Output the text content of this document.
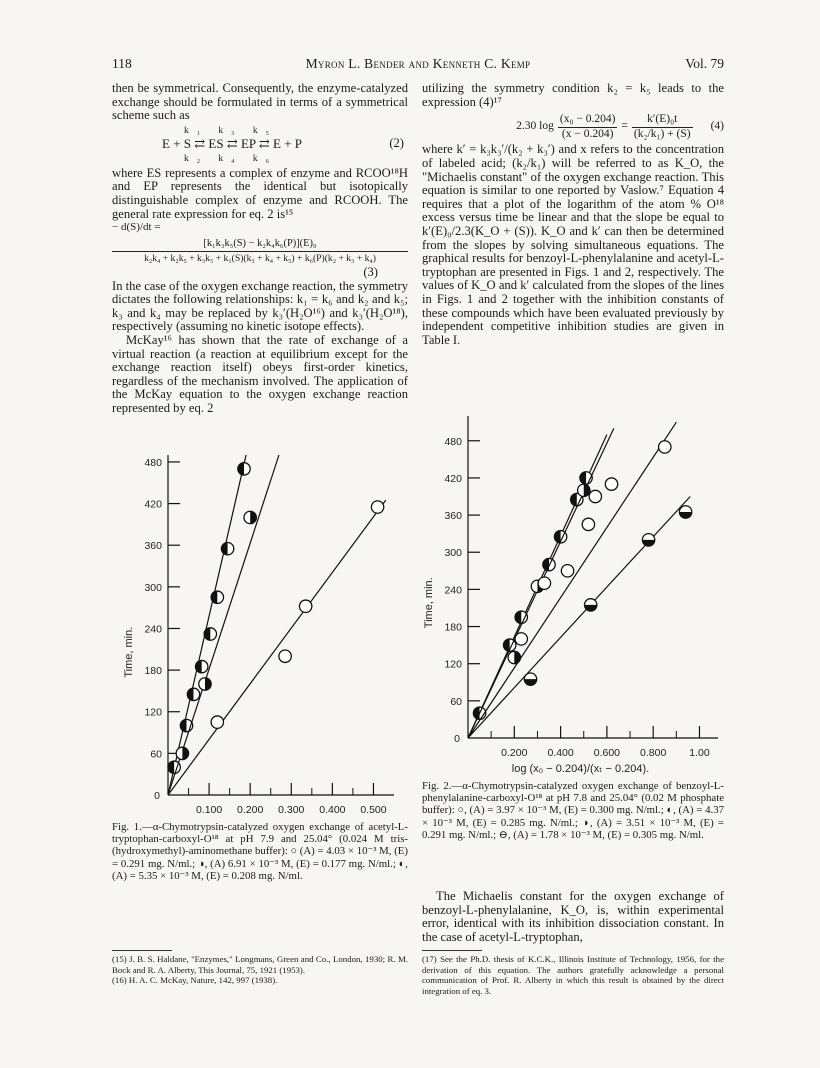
118	Myron L. Bender and Kenneth C. Kemp	Vol. 79

then be symmetrical. Consequently, the enzyme-catalyzed exchange should be formulated in terms of a symmetrical scheme such as

k₁ k₃ k₅
E + S ⇄ ES ⇄ EP ⇄ E + P
k₂ k₄ k₆
(2)

where ES represents a complex of enzyme and RCOO¹⁸H and EP represents the identical but isotopically distinguishable complex of enzyme and RCOOH. The general rate expression for eq. 2 is¹⁵

− d(S)/dt =
[k₁k₃k₅(S) − k₂k₄k₆(P)](E)₀
k₂k₄ + k₂k₅ + k₃k₅ + k₁(S)(k₃ + k₄ + k₅) + k₆(P)(k₂ + k₃ + k₄)
(3)

In the case of the oxygen exchange reaction, the symmetry dictates the following relationships: k₁ = k₆ and k₂ and k₅; k₃ and k₄ may be replaced by k₃′(H₂O¹⁶) and k₃′(H₂O¹⁸), respectively (assuming no kinetic isotope effects).

McKay¹⁶ has shown that the rate of exchange of a virtual reaction (a reaction at equilibrium except for the exchange reaction itself) obeys first-order kinetics, regardless of the mechanism involved. The application of the McKay equation to the oxygen exchange reaction represented by eq. 2

60
120
180
240
300
360
420
480
0.100 0.200 0.300 0.400 0.500
0
Time, min.
Fig. 1.—α-Chymotrypsin-catalyzed oxygen exchange of acetyl-L-tryptophan-carboxyl-O¹⁸ at pH 7.9 and 25.04° (0.024 M tris-(hydroxymethyl)-aminomethane buffer): ○ (A) = 4.03 × 10⁻³ M, (E) = 0.291 mg. N/ml.; ◑, (A) 6.91 × 10⁻³ M, (E) = 0.177 mg. N/ml.; ◐, (A) = 5.35 × 10⁻³ M, (E) = 0.208 mg. N/ml.

(15) J. B. S. Haldane, "Enzymes," Longmans, Green and Co., London, 1930; R. M. Bock and R. A. Alberty, This Journal, 75, 1921 (1953).

(16) H. A. C. McKay, Nature, 142, 997 (1938).

utilizing the symmetry condition k₂ = k₅ leads to the expression (4)¹⁷

2.30 $\log \frac{\text{(x₀ − 0.204)}}{(x - 0.204)} = \frac{\text{k′(E)₀t}}{\text{(k₂/k₁) + (S)}} (4)$

where k′ = k₃k₃′/(k₂ + k₃′) and x refers to the concentration of labeled acid; (k₂/k₁) will be referred to as K_O, the "Michaelis constant" of the oxygen exchange reaction. This equation is similar to one reported by Vaslow.⁷ Equation 4 requires that a plot of the logarithm of the atom % O¹⁸ excess versus time be linear and that the slope be equal to k′(E)₀/2.3(K_O + (S)). K_O and k′ can then be determined from the slopes by solving simultaneous equations. The graphical results for benzoyl-L-phenylalanine and acetyl-L-tryptophan are presented in Figs. 1 and 2, respectively. The values of K_O and k′ calculated from the slopes of the lines in Figs. 1 and 2 together with the inhibition constants of these compounds which have been evaluated previously by independent competitive inhibition studies are given in Table I.

60
120
180
240
300
360
420
480
0.200 0.400 0.600 0.800 1.00
0
Time, min.
log (x₀ − 0.204)/(xₜ − 0.204).
Fig. 2.—α-Chymotrypsin-catalyzed oxygen exchange of benzoyl-L-phenylalanine-carboxyl-O¹⁸ at pH 7.8 and 25.04° (0.02 M phosphate buffer): ○, (A) = 3.97 × 10⁻³ M, (E) = 0.300 mg. N/ml.; ◐, (A) = 4.37 × 10⁻³ M, (E) = 0.285 mg. N/ml.; ◑, (A) = 3.51 × 10⁻³ M, (E) = 0.291 mg. N/ml.; ⊖, (A) = 1.78 × 10⁻³ M, (E) = 0.305 mg. N/ml.

The Michaelis constant for the oxygen exchange of benzoyl-L-phenylalanine, K_O, is, within experimental error, identical with its inhibition dissociation constant. In the case of acetyl-L-tryptophan,

(17) See the Ph.D. thesis of K.C.K., Illinois Institute of Technology, 1956, for the derivation of this equation. The authors gratefully acknowledge a personal communication of Prof. R. Alberty in which this result is obtained by the direct integration of eq. 3.
